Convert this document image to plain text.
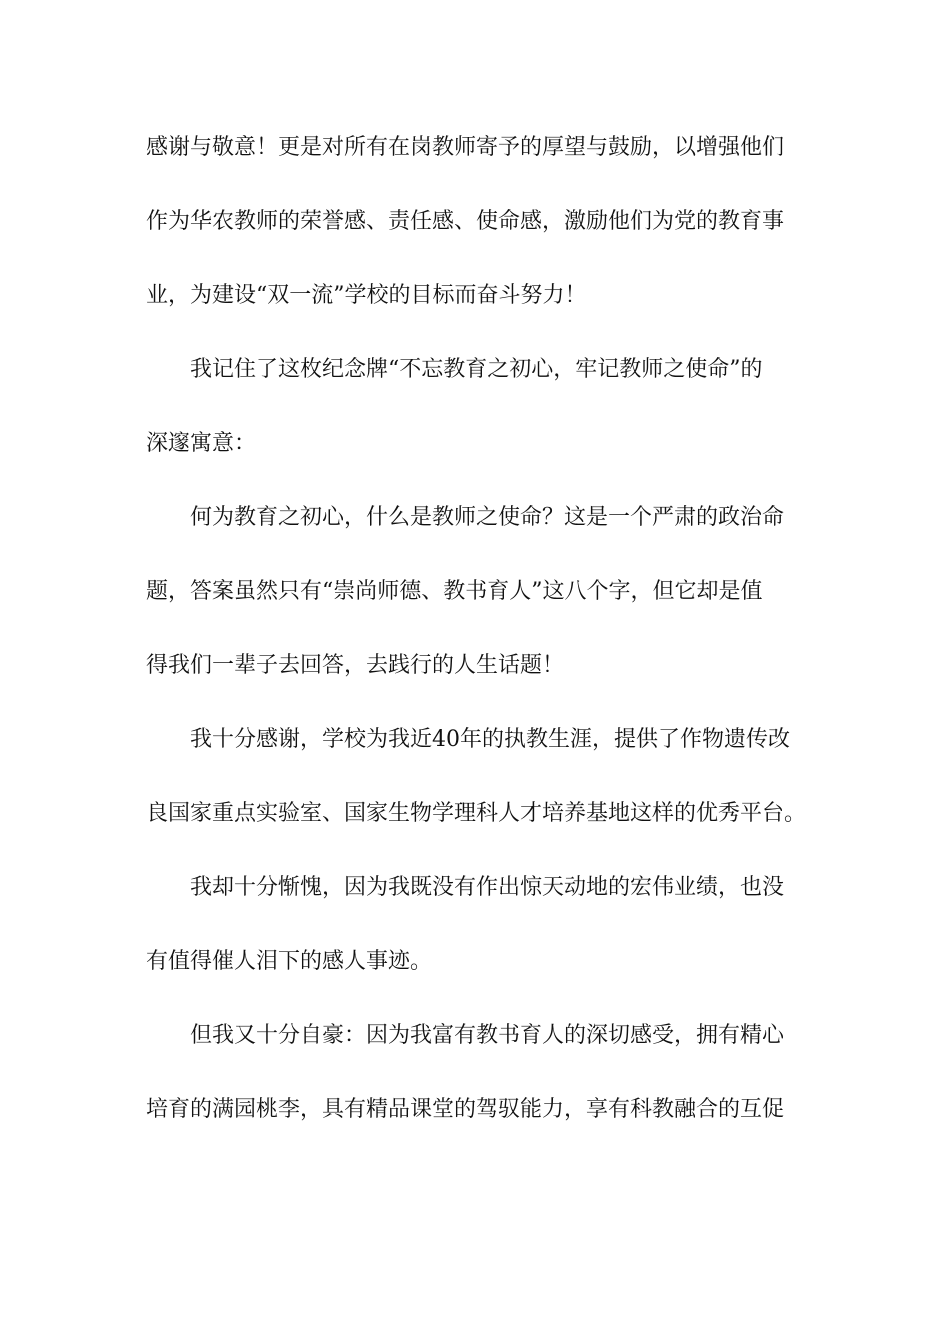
感谢与敬意！更是对所有在岗教师寄予的厚望与鼓励，以增强他们
作为华农教师的荣誉感、责任感、使命感，激励他们为党的教育事
业，为建设“双一流”学校的目标而奋斗努力！
我记住了这枚纪念牌“不忘教育之初心，牢记教师之使命”的
深邃寓意：
何为教育之初心，什么是教师之使命？这是一个严肃的政治命
题，答案虽然只有“崇尚师德、教书育人”这八个字，但它却是值
得我们一辈子去回答，去践行的人生话题！
我十分感谢，学校为我近40年的执教生涯，提供了作物遗传改
良国家重点实验室、国家生物学理科人才培养基地这样的优秀平台。
我却十分惭愧，因为我既没有作出惊天动地的宏伟业绩，也没
有值得催人泪下的感人事迹。
但我又十分自豪：因为我富有教书育人的深切感受，拥有精心
培育的满园桃李，具有精品课堂的驾驭能力，享有科教融合的互促
